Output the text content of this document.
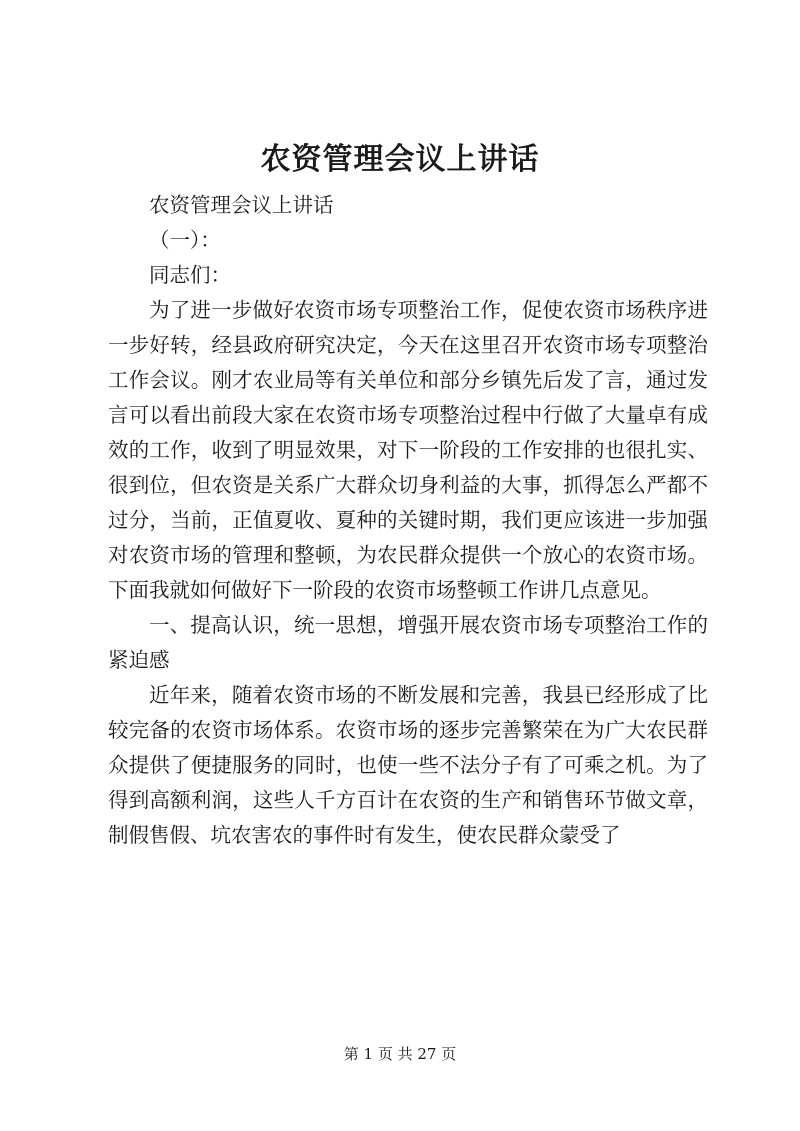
农资管理会议上讲话

农资管理会议上讲话

（一）：

同志们：

为了进一步做好农资市场专项整治工作，促使农资市场秩序进一步好转，经县政府研究决定，今天在这里召开农资市场专项整治工作会议。刚才农业局等有关单位和部分乡镇先后发了言，通过发言可以看出前段大家在农资市场专项整治过程中行做了大量卓有成效的工作，收到了明显效果，对下一阶段的工作安排的也很扎实、很到位，但农资是关系广大群众切身利益的大事，抓得怎么严都不过分，当前，正值夏收、夏种的关键时期，我们更应该进一步加强对农资市场的管理和整顿，为农民群众提供一个放心的农资市场。下面我就如何做好下一阶段的农资市场整顿工作讲几点意见。

一、提高认识，统一思想，增强开展农资市场专项整治工作的紧迫感

近年来，随着农资市场的不断发展和完善，我县已经形成了比较完备的农资市场体系。农资市场的逐步完善繁荣在为广大农民群众提供了便捷服务的同时，也使一些不法分子有了可乘之机。为了得到高额利润，这些人千方百计在农资的生产和销售环节做文章，制假售假、坑农害农的事件时有发生，使农民群众蒙受了

第 1 页 共 27 页
